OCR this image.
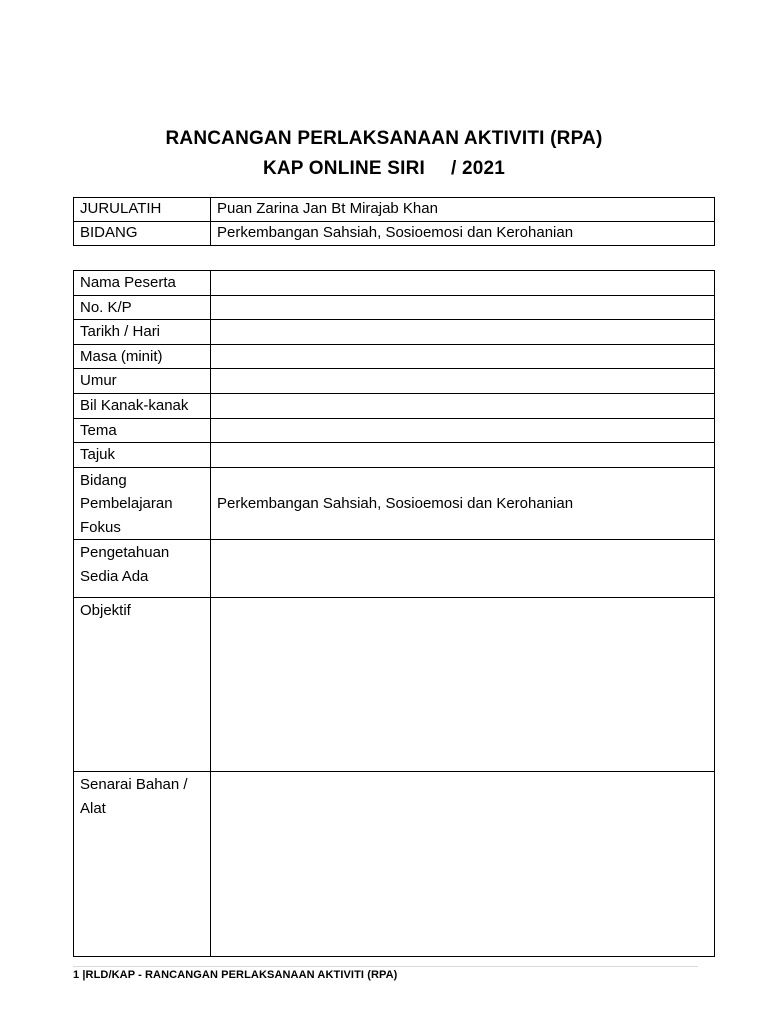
RANCANGAN PERLAKSANAAN AKTIVITI (RPA)
KAP ONLINE SIRI / 2021
JURULATIH	Puan Zarina Jan Bt Mirajab Khan
BIDANG	Perkembangan Sahsiah, Sosioemosi dan Kerohanian
Nama Peserta	
No. K/P	
Tarikh / Hari	
Masa (minit)	
Umur	
Bil Kanak-kanak	
Tema	
Tajuk	

Bidang
Pembelajaran
Fokus	Perkembangan Sahsiah, Sosioemosi dan Kerohanian

Pengetahuan
Sedia Ada	

Objektif	

Senarai Bahan /
Alat	

1 |RLD/KAP - RANCANGAN PERLAKSANAAN AKTIVITI (RPA)
